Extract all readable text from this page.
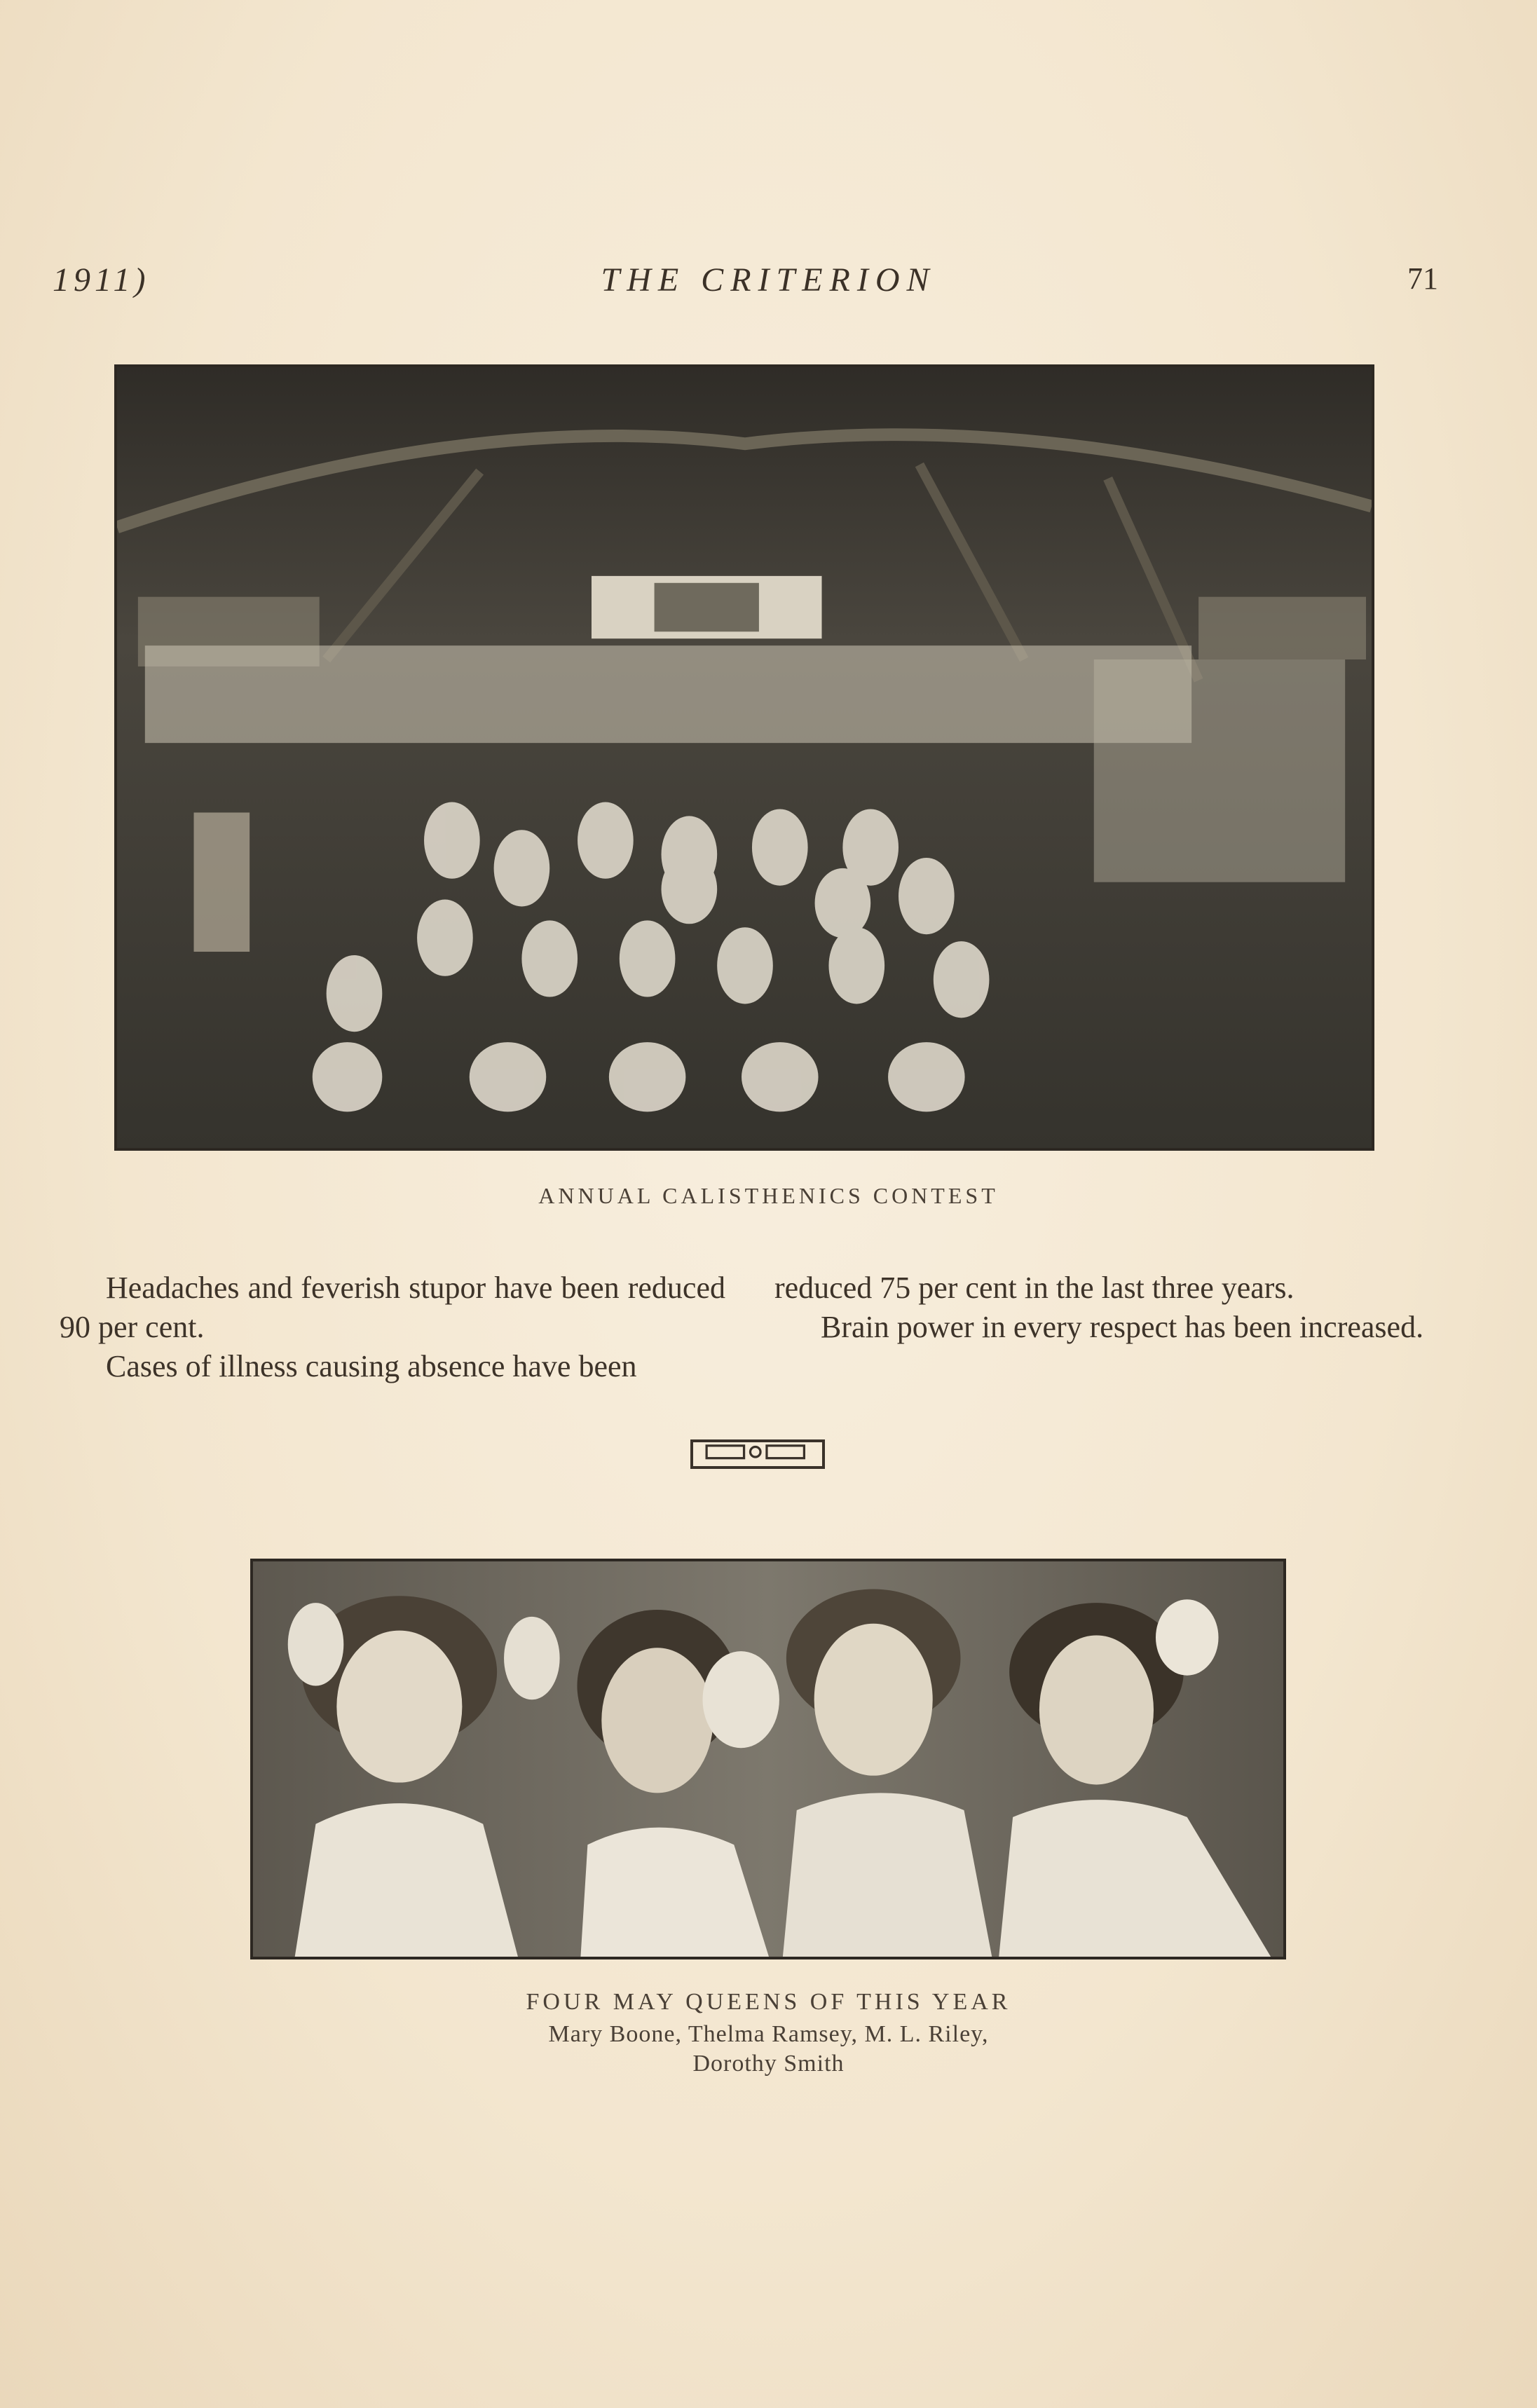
1911)	THE CRITERION	71
ANNUAL CALISTHENICS CONTEST

Headaches and feverish stupor have been reduced 90 per cent.

Cases of illness causing absence have been

reduced 75 per cent in the last three years.

Brain power in every respect has been increased.

FOUR MAY QUEENS OF THIS YEAR
Mary Boone, Thelma Ramsey, M. L. Riley,
Dorothy Smith
